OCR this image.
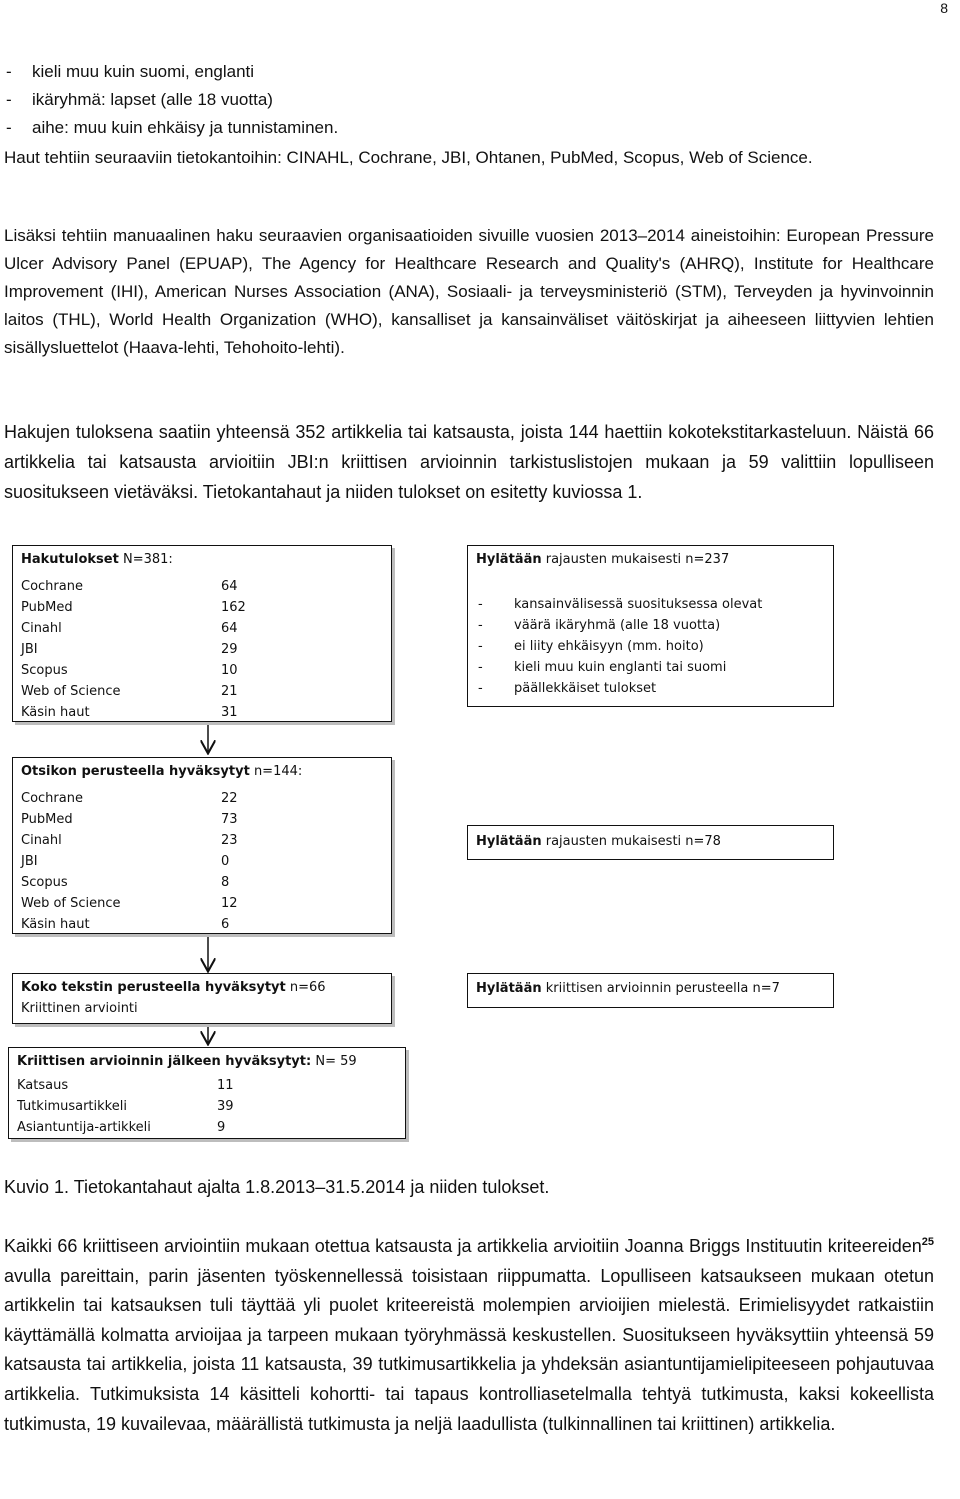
8
- kieli muu kuin suomi, englanti
- ikäryhmä: lapset (alle 18 vuotta)
- aihe: muu kuin ehkäisy ja tunnistaminen.
Haut tehtiin seuraaviin tietokantoihin: CINAHL, Cochrane, JBI, Ohtanen, PubMed, Scopus, Web of Science.
Lisäksi tehtiin manuaalinen haku seuraavien organisaatioiden sivuille vuosien 2013–2014 aineistoihin: European Pressure Ulcer Advisory Panel (EPUAP), The Agency for Healthcare Research and Quality's (AHRQ), Institute for Healthcare Improvement (IHI), American Nurses Association (ANA), Sosiaali- ja terveysministeriö (STM), Terveyden ja hyvinvoinnin laitos (THL), World Health Organization (WHO), kansalliset ja kansainväliset väitöskirjat ja aiheeseen liittyvien lehtien sisällysluettelot (Haava-lehti, Tehohoito-lehti).
Hakujen tuloksena saatiin yhteensä 352 artikkelia tai katsausta, joista 144 haettiin kokotekstitarkasteluun. Näistä 66 artikkelia tai katsausta arvioitiin JBI:n kriittisen arvioinnin tarkistuslistojen mukaan ja 59 valittiin lopulliseen suositukseen vietäväksi. Tietokantahaut ja niiden tulokset on esitetty kuviossa 1.
Hakutulokset N=381:
Cochrane	64
PubMed	162
Cinahl	64
JBI	29
Scopus	10
Web of Science	21
Käsin haut	31
Hylätään rajausten mukaisesti n=237
- kansainvälisessä suosituksessa olevat
- väärä ikäryhmä (alle 18 vuotta)
- ei liity ehkäisyyn (mm. hoito)
- kieli muu kuin englanti tai suomi
- päällekkäiset tulokset
Otsikon perusteella hyväksytyt n=144:
Cochrane	22
PubMed	73
Cinahl	23
JBI	0
Scopus	8
Web of Science	12
Käsin haut	6
Hylätään rajausten mukaisesti n=78
Koko tekstin perusteella hyväksytyt n=66
Kriittinen arviointi
Hylätään kriittisen arvioinnin perusteella n=7
Kriittisen arvioinnin jälkeen hyväksytyt: N= 59
Katsaus	11
Tutkimusartikkeli	39
Asiantuntija-artikkeli	9
Kuvio 1. Tietokantahaut ajalta 1.8.2013–31.5.2014 ja niiden tulokset.
Kaikki 66 kriittiseen arviointiin mukaan otettua katsausta ja artikkelia arvioitiin Joanna Briggs Instituutin kriteereiden$^{25}$ avulla pareittain, parin jäsenten työskennellessä toisistaan riippumatta. Lopulliseen katsaukseen mukaan otetun artikkelin tai katsauksen tuli täyttää yli puolet kriteereistä molempien arvioijien mielestä. Erimielisyydet ratkaistiin käyttämällä kolmatta arvioijaa ja tarpeen mukaan työryhmässä keskustellen. Suositukseen hyväksyttiin yhteensä 59 katsausta tai artikkelia, joista 11 katsausta, 39 tutkimusartikkelia ja yhdeksän asiantuntijamielipiteeseen pohjautuvaa artikkelia. Tutkimuksista 14 käsitteli kohortti- tai tapaus kontrolliasetelmalla tehtyä tutkimusta, kaksi kokeellista tutkimusta, 19 kuvailevaa, määrällistä tutkimusta ja neljä laadullista (tulkinnallinen tai kriittinen) artikkelia.
